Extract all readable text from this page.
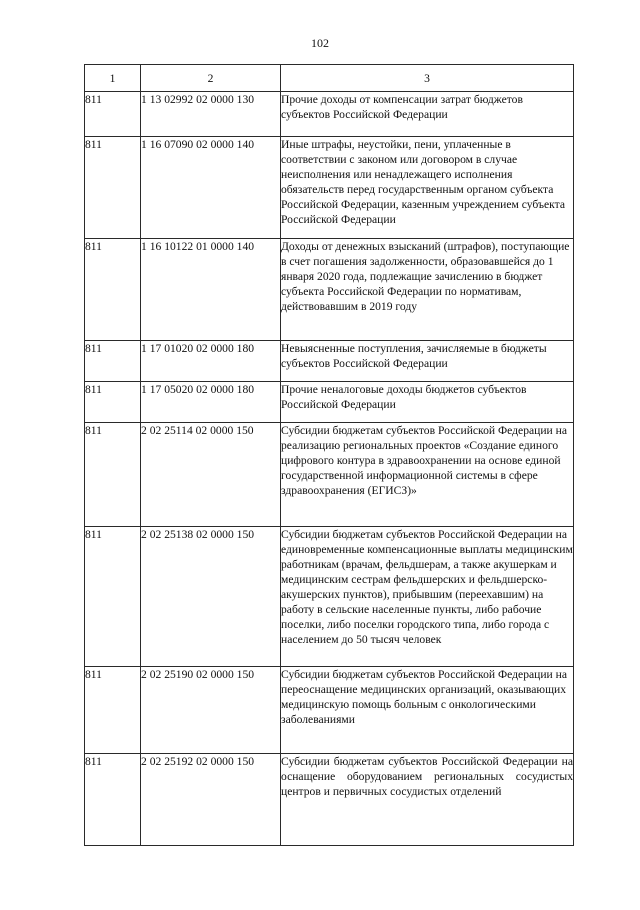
102
1	2	3
811	1 13 02992 02 0000 130	Прочие доходы от компенсации затрат бюджетов субъектов Российской Федерации
811	1 16 07090 02 0000 140	Иные штрафы, неустойки, пени, уплаченные в соответствии с законом или договором в случае неисполнения или ненадлежащего исполнения обязательств перед государственным органом субъекта Российской Федерации, казенным учреждением субъекта Российской Федерации
811	1 16 10122 01 0000 140	Доходы от денежных взысканий (штрафов), поступающие в счет погашения задолженности, образовавшейся до 1 января 2020 года, подлежащие зачислению в бюджет субъекта Российской Федерации по нормативам, действовавшим в 2019 году
811	1 17 01020 02 0000 180	Невыясненные поступления, зачисляемые в бюджеты субъектов Российской Федерации
811	1 17 05020 02 0000 180	Прочие неналоговые доходы бюджетов субъектов Российской Федерации
811	2 02 25114 02 0000 150	Субсидии бюджетам субъектов Российской Федерации на реализацию региональных проектов «Создание единого цифрового контура в здравоохранении на основе единой государственной информационной системы в сфере здравоохранения (ЕГИСЗ)»
811	2 02 25138 02 0000 150	Субсидии бюджетам субъектов Российской Федерации на единовременные компенсационные выплаты медицинским работникам (врачам, фельдшерам, а также акушеркам и медицинским сестрам фельдшерских и фельдшерско-акушерских пунктов), прибывшим (переехавшим) на работу в сельские населенные пункты, либо рабочие поселки, либо поселки городского типа, либо города с населением до 50 тысяч человек
811	2 02 25190 02 0000 150	Субсидии бюджетам субъектов Российской Федерации на переоснащение медицинских организаций, оказывающих медицинскую помощь больным с онкологическими заболеваниями
811	2 02 25192 02 0000 150	Субсидии бюджетам субъектов Российской Федерации на оснащение оборудованием региональных сосудистых центров и первичных сосудистых отделений
